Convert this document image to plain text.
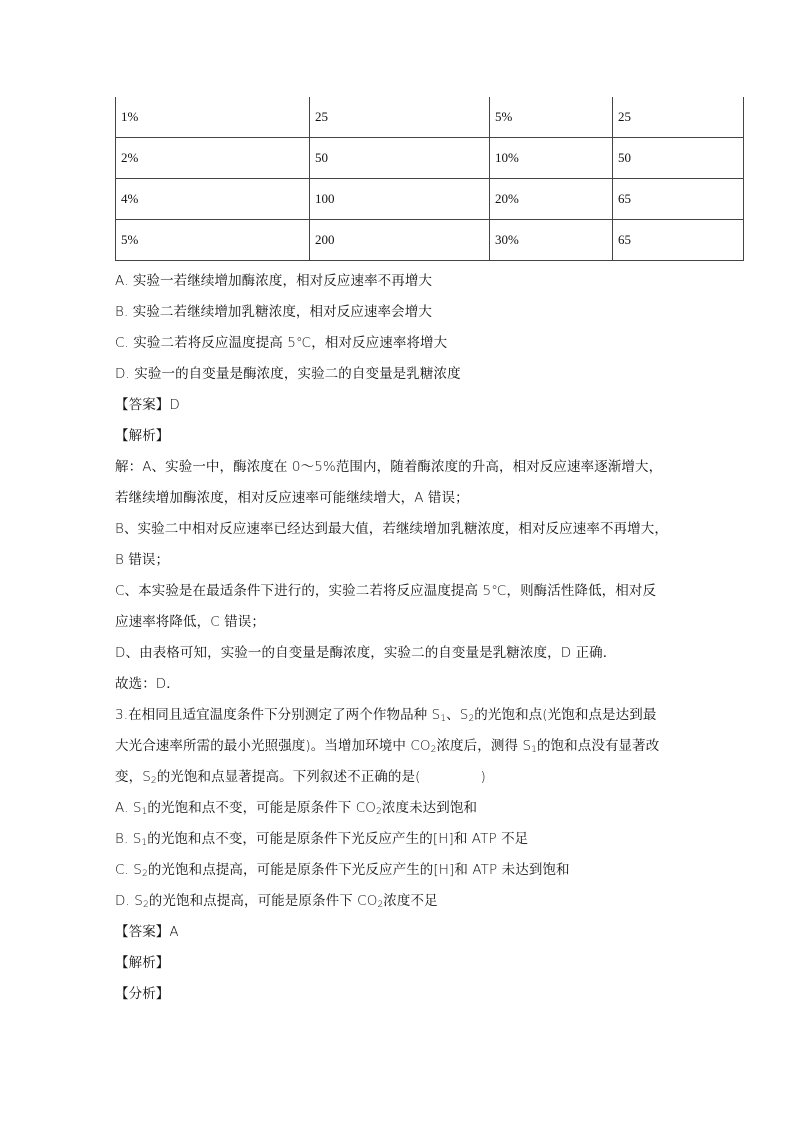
1%	25	5%	25
2%	50	10%	50
4%	100	20%	65
5%	200	30%	65
A. 实验一若继续增加酶浓度，相对反应速率不再增大
B. 实验二若继续增加乳糖浓度，相对反应速率会增大
C. 实验二若将反应温度提高 5℃，相对反应速率将增大
D. 实验一的自变量是酶浓度，实验二的自变量是乳糖浓度
【答案】D
【解析】
解：A、实验一中，酶浓度在 0～5%范围内，随着酶浓度的升高，相对反应速率逐渐增大，
若继续增加酶浓度，相对反应速率可能继续增大，A 错误；
B、实验二中相对反应速率已经达到最大值，若继续增加乳糖浓度，相对反应速率不再增大，
B 错误；
C、本实验是在最适条件下进行的，实验二若将反应温度提高 5℃，则酶活性降低，相对反
应速率将降低，C 错误；
D、由表格可知，实验一的自变量是酶浓度，实验二的自变量是乳糖浓度，D 正确．
故选：D．
3.在相同且适宜温度条件下分别测定了两个作物品种 $S_1$、$S_2$的光饱和点(光饱和点是达到最
大光合速率所需的最小光照强度)。当增加环境中 $CO_2$浓度后，测得 $S_1$的饱和点没有显著改
变，$S_2$的光饱和点显著提高。下列叙述不正确的是(	)
A. $S_1$的光饱和点不变，可能是原条件下 $CO_2$浓度未达到饱和
B. $S_1$的光饱和点不变，可能是原条件下光反应产生的[H]和 ATP 不足
C. $S_2$的光饱和点提高，可能是原条件下光反应产生的[H]和 ATP 未达到饱和
D. $S_2$的光饱和点提高，可能是原条件下 $CO_2$浓度不足
【答案】A
【解析】
【分析】
